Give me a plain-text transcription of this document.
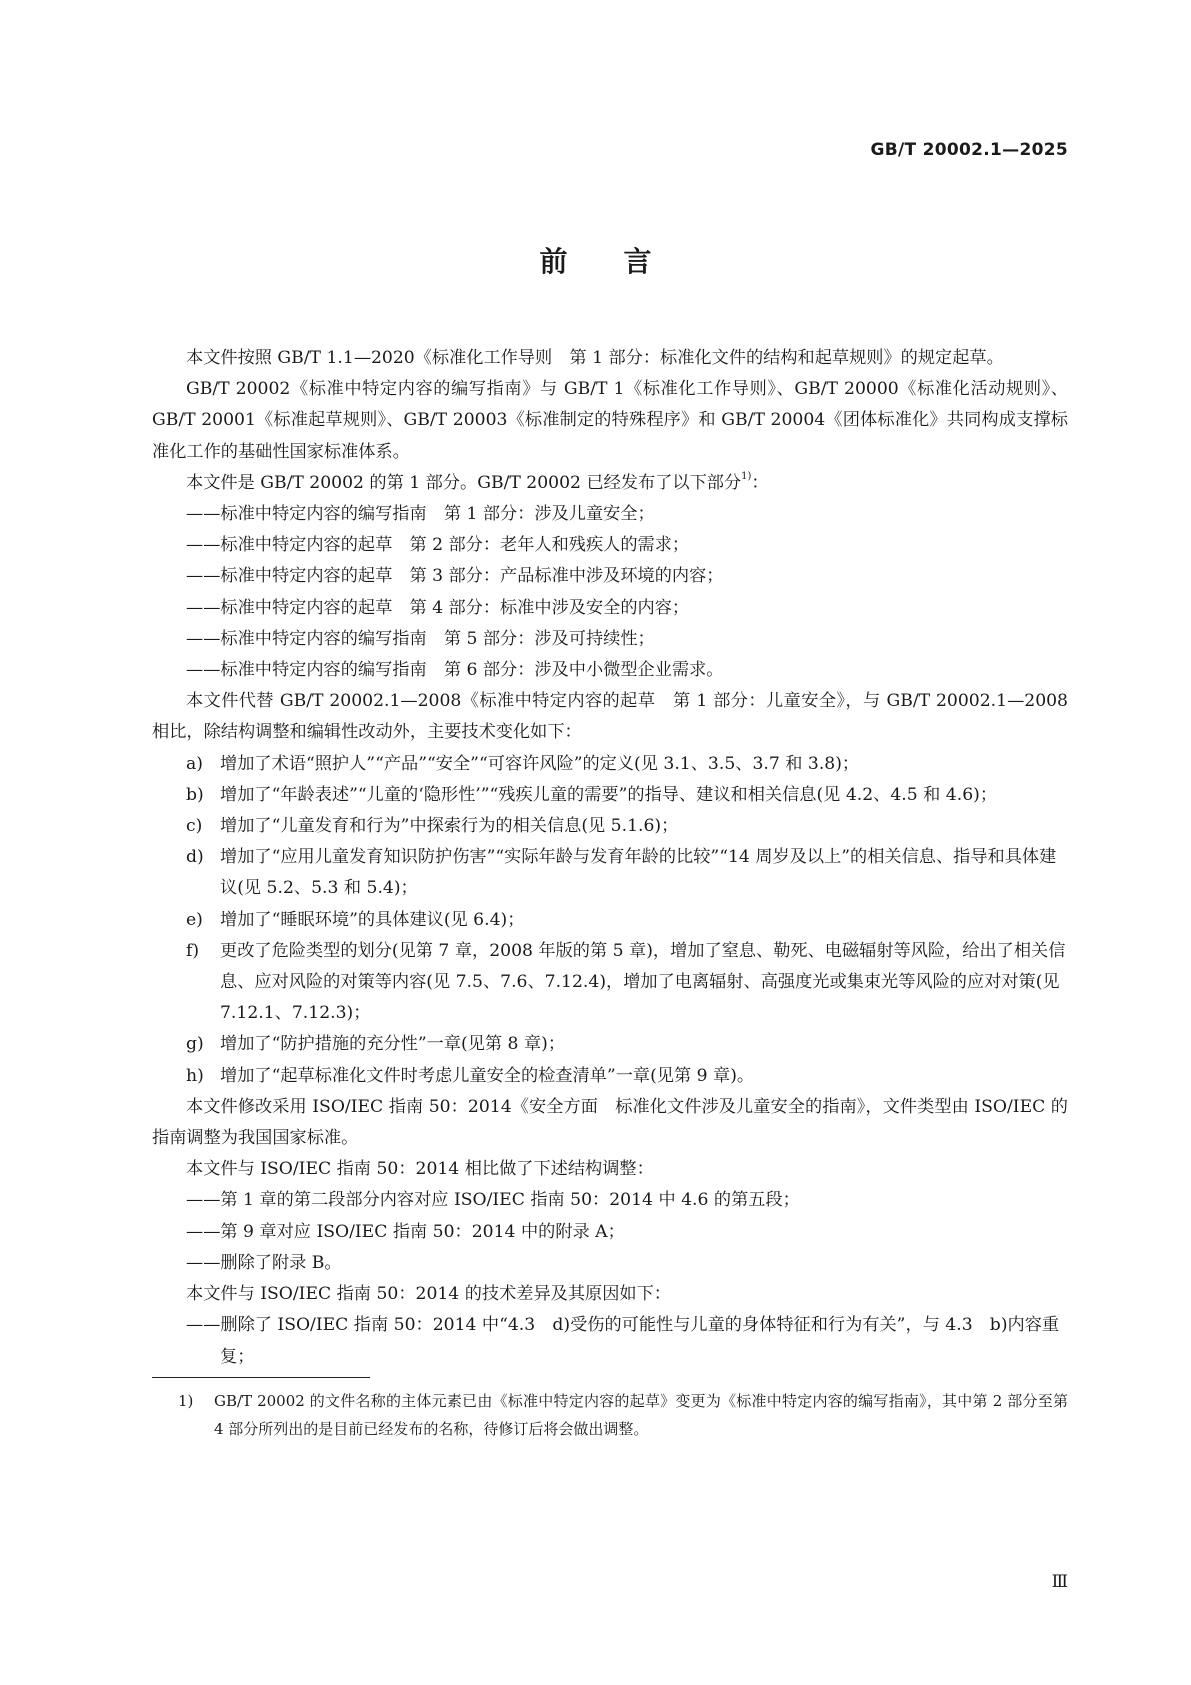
GB/T 20002.1—2025
前 言

本文件按照 GB/T 1.1—2020《标准化工作导则　第 1 部分：标准化文件的结构和起草规则》的规定起草。

GB/T 20002《标准中特定内容的编写指南》与 GB/T 1《标准化工作导则》、GB/T 20000《标准化活动规则》、GB/T 20001《标准起草规则》、GB/T 20003《标准制定的特殊程序》和 GB/T 20004《团体标准化》共同构成支撑标准化工作的基础性国家标准体系。

本文件是 GB/T 20002 的第 1 部分。GB/T 20002 已经发布了以下部分$^{1)}$：

——标准中特定内容的编写指南　第 1 部分：涉及儿童安全；

——标准中特定内容的起草　第 2 部分：老年人和残疾人的需求；

——标准中特定内容的起草　第 3 部分：产品标准中涉及环境的内容；

——标准中特定内容的起草　第 4 部分：标准中涉及安全的内容；

——标准中特定内容的编写指南　第 5 部分：涉及可持续性；

——标准中特定内容的编写指南　第 6 部分：涉及中小微型企业需求。

本文件代替 GB/T 20002.1—2008《标准中特定内容的起草　第 1 部分：儿童安全》，与 GB/T 20002.1—2008 相比，除结构调整和编辑性改动外，主要技术变化如下：

a) 增加了术语“照护人”“产品”“安全”“可容许风险”的定义(见 3.1、3.5、3.7 和 3.8)；

b) 增加了“年龄表述”“儿童的‘隐形性’”“残疾儿童的需要”的指导、建议和相关信息(见 4.2、4.5 和 4.6)；

c) 增加了“儿童发育和行为”中探索行为的相关信息(见 5.1.6)；

d) 增加了“应用儿童发育知识防护伤害”“实际年龄与发育年龄的比较”“14 周岁及以上”的相关信息、指导和具体建议(见 5.2、5.3 和 5.4)；

e) 增加了“睡眠环境”的具体建议(见 6.4)；

f) 更改了危险类型的划分(见第 7 章，2008 年版的第 5 章)，增加了窒息、勒死、电磁辐射等风险，给出了相关信息、应对风险的对策等内容(见 7.5、7.6、7.12.4)，增加了电离辐射、高强度光或集束光等风险的应对对策(见 7.12.1、7.12.3)；

g) 增加了“防护措施的充分性”一章(见第 8 章)；

h) 增加了“起草标准化文件时考虑儿童安全的检查清单”一章(见第 9 章)。

本文件修改采用 ISO/IEC 指南 50：2014《安全方面　标准化文件涉及儿童安全的指南》，文件类型由 ISO/IEC 的指南调整为我国国家标准。

本文件与 ISO/IEC 指南 50：2014 相比做了下述结构调整：

——第 1 章的第二段部分内容对应 ISO/IEC 指南 50：2014 中 4.6 的第五段；

——第 9 章对应 ISO/IEC 指南 50：2014 中的附录 A；

——删除了附录 B。

本文件与 ISO/IEC 指南 50：2014 的技术差异及其原因如下：

——删除了 ISO/IEC 指南 50：2014 中“4.3　d)受伤的可能性与儿童的身体特征和行为有关”，与 4.3　b)内容重复；

1) GB/T 20002 的文件名称的主体元素已由《标准中特定内容的起草》变更为《标准中特定内容的编写指南》，其中第 2 部分至第 4 部分所列出的是目前已经发布的名称，待修订后将会做出调整。

Ⅲ
